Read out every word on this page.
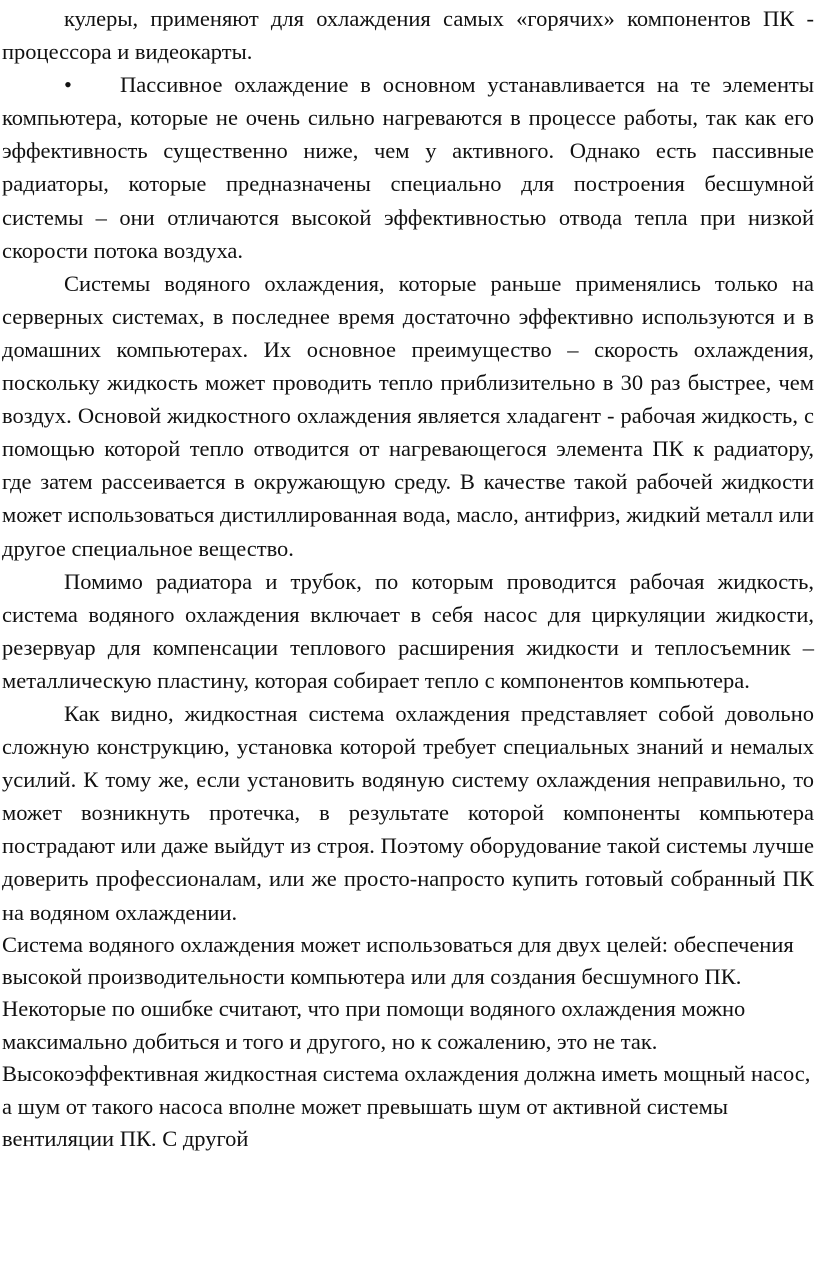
кулеры, применяют для охлаждения самых «горячих» компонентов ПК - процессора и видеокарты.

• Пассивное охлаждение в основном устанавливается на те элементы компьютера, которые не очень сильно нагреваются в процессе работы, так как его эффективность существенно ниже, чем у активного. Однако есть пассивные радиаторы, которые предназначены специально для построения бесшумной системы – они отличаются высокой эффективностью отвода тепла при низкой скорости потока воздуха.

Системы водяного охлаждения, которые раньше применялись только на серверных системах, в последнее время достаточно эффективно используются и в домашних компьютерах. Их основное преимущество – скорость охлаждения, поскольку жидкость может проводить тепло приблизительно в 30 раз быстрее, чем воздух. Основой жидкостного охлаждения является хладагент - рабочая жидкость, с помощью которой тепло отводится от нагревающегося элемента ПК к радиатору, где затем рассеивается в окружающую среду. В качестве такой рабочей жидкости может использоваться дистиллированная вода, масло, антифриз, жидкий металл или другое специальное вещество.

Помимо радиатора и трубок, по которым проводится рабочая жидкость, система водяного охлаждения включает в себя насос для циркуляции жидкости, резервуар для компенсации теплового расширения жидкости и теплосъемник – металлическую пластину, которая собирает тепло с компонентов компьютера.

Как видно, жидкостная система охлаждения представляет собой довольно сложную конструкцию, установка которой требует специальных знаний и немалых усилий. К тому же, если установить водяную систему охлаждения неправильно, то может возникнуть протечка, в результате которой компоненты компьютера пострадают или даже выйдут из строя. Поэтому оборудование такой системы лучше доверить профессионалам, или же просто-напросто купить готовый собранный ПК на водяном охлаждении.

Система водяного охлаждения может использоваться для двух целей: обеспечения высокой производительности компьютера или для создания бесшумного ПК. Некоторые по ошибке считают, что при помощи водяного охлаждения можно максимально добиться и того и другого, но к сожалению, это не так. Высокоэффективная жидкостная система охлаждения должна иметь мощный насос, а шум от такого насоса вполне может превышать шум от активной системы вентиляции ПК. С другой
